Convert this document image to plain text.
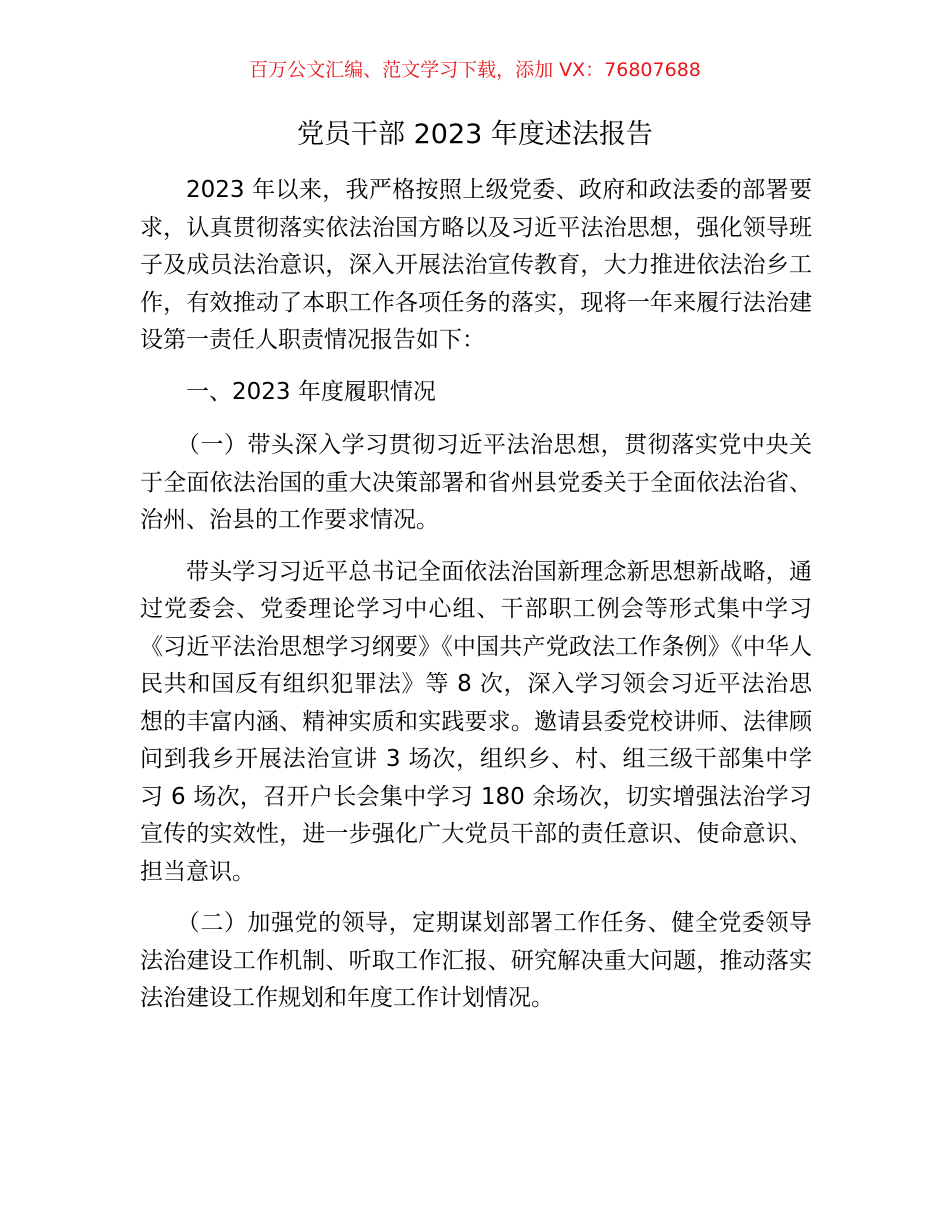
百万公文汇编、范文学习下载，添加 VX：76807688
党员干部 2023 年度述法报告

2023 年以来，我严格按照上级党委、政府和政法委的部署要求，认真贯彻落实依法治国方略以及习近平法治思想，强化领导班子及成员法治意识，深入开展法治宣传教育，大力推进依法治乡工作，有效推动了本职工作各项任务的落实，现将一年来履行法治建设第一责任人职责情况报告如下：

一、2023 年度履职情况

（一）带头深入学习贯彻习近平法治思想，贯彻落实党中央关于全面依法治国的重大决策部署和省州县党委关于全面依法治省、治州、治县的工作要求情况。

带头学习习近平总书记全面依法治国新理念新思想新战略，通过党委会、党委理论学习中心组、干部职工例会等形式集中学习《习近平法治思想学习纲要》《中国共产党政法工作条例》《中华人民共和国反有组织犯罪法》等 8 次，深入学习领会习近平法治思想的丰富内涵、精神实质和实践要求。邀请县委党校讲师、法律顾问到我乡开展法治宣讲 3 场次，组织乡、村、组三级干部集中学习 6 场次，召开户长会集中学习 180 余场次，切实增强法治学习宣传的实效性，进一步强化广大党员干部的责任意识、使命意识、担当意识。

（二）加强党的领导，定期谋划部署工作任务、健全党委领导法治建设工作机制、听取工作汇报、研究解决重大问题，推动落实法治建设工作规划和年度工作计划情况。
